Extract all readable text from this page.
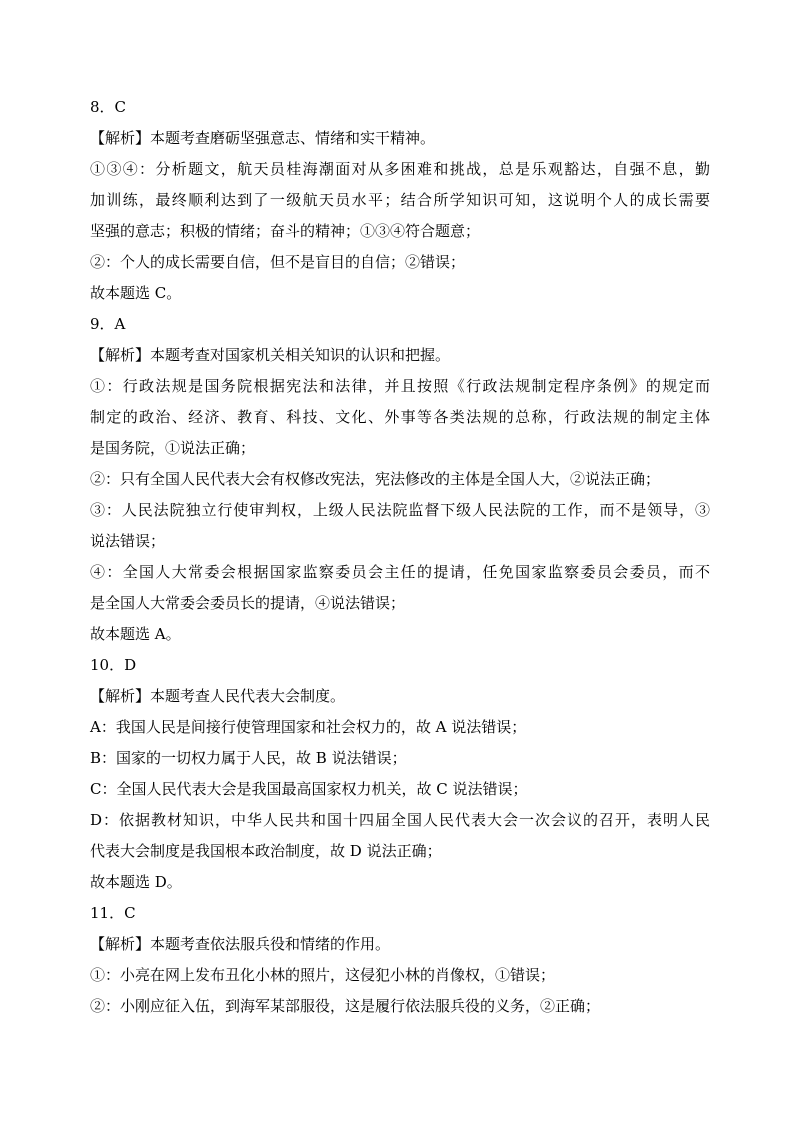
8．C
【解析】本题考查磨砺坚强意志、情绪和实干精神。
①③④：分析题文，航天员桂海潮面对从多困难和挑战，总是乐观豁达，自强不息，勤
加训练，最终顺利达到了一级航天员水平；结合所学知识可知，这说明个人的成长需要
坚强的意志；积极的情绪；奋斗的精神；①③④符合题意；
②：个人的成长需要自信，但不是盲目的自信；②错误；
故本题选 C。
9．A
【解析】本题考查对国家机关相关知识的认识和把握。
①：行政法规是国务院根据宪法和法律，并且按照《行政法规制定程序条例》的规定而
制定的政治、经济、教育、科技、文化、外事等各类法规的总称，行政法规的制定主体
是国务院，①说法正确；
②：只有全国人民代表大会有权修改宪法，宪法修改的主体是全国人大，②说法正确；
③：人民法院独立行使审判权，上级人民法院监督下级人民法院的工作，而不是领导，③
说法错误；
④：全国人大常委会根据国家监察委员会主任的提请，任免国家监察委员会委员，而不
是全国人大常委会委员长的提请，④说法错误；
故本题选 A。
10．D
【解析】本题考查人民代表大会制度。
A：我国人民是间接行使管理国家和社会权力的，故 A 说法错误；
B：国家的一切权力属于人民，故 B 说法错误；
C：全国人民代表大会是我国最高国家权力机关，故 C 说法错误；
D：依据教材知识，中华人民共和国十四届全国人民代表大会一次会议的召开，表明人民
代表大会制度是我国根本政治制度，故 D 说法正确；
故本题选 D。
11．C
【解析】本题考查依法服兵役和情绪的作用。
①：小亮在网上发布丑化小林的照片，这侵犯小林的肖像权，①错误；
②：小刚应征入伍，到海军某部服役，这是履行依法服兵役的义务，②正确；
